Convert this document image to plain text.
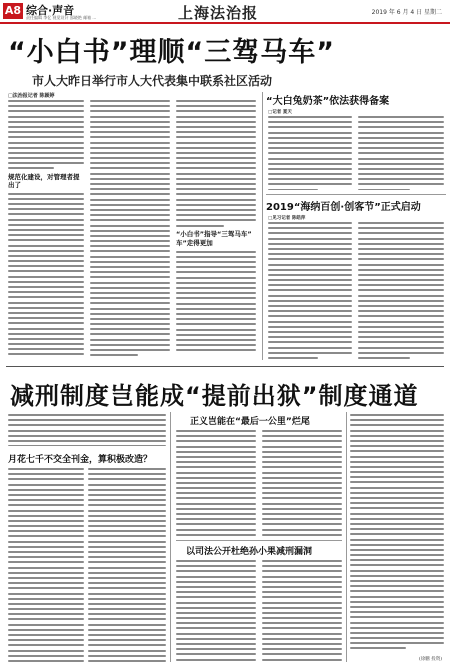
A8 综合·声音
责任编辑 李忆 视觉设计 邵晓艳 邮箱 ...	上海法治报	2019 年 6 月 4 日 星期二
“小白书”理顺“三驾马车”
市人大昨日举行市人大代表集中联系社区活动
□法治报记者 陈颖婷
规范化建设，对管理者提出了
“小白书”指导“三驾马车”
车”走得更加
“大白兔奶茶”依法获得备案
□记者 夏天
2019“海纳百创·创客节”正式启动
□见习记者 陈皓萍
减刑制度岂能成“提前出狱”制度通道
月花七千不交全刊金，算积极改造？
正义岂能在“最后一公里”烂尾
以司法公开杜绝孙小果减刑漏洞
(徐鹏 投资)
